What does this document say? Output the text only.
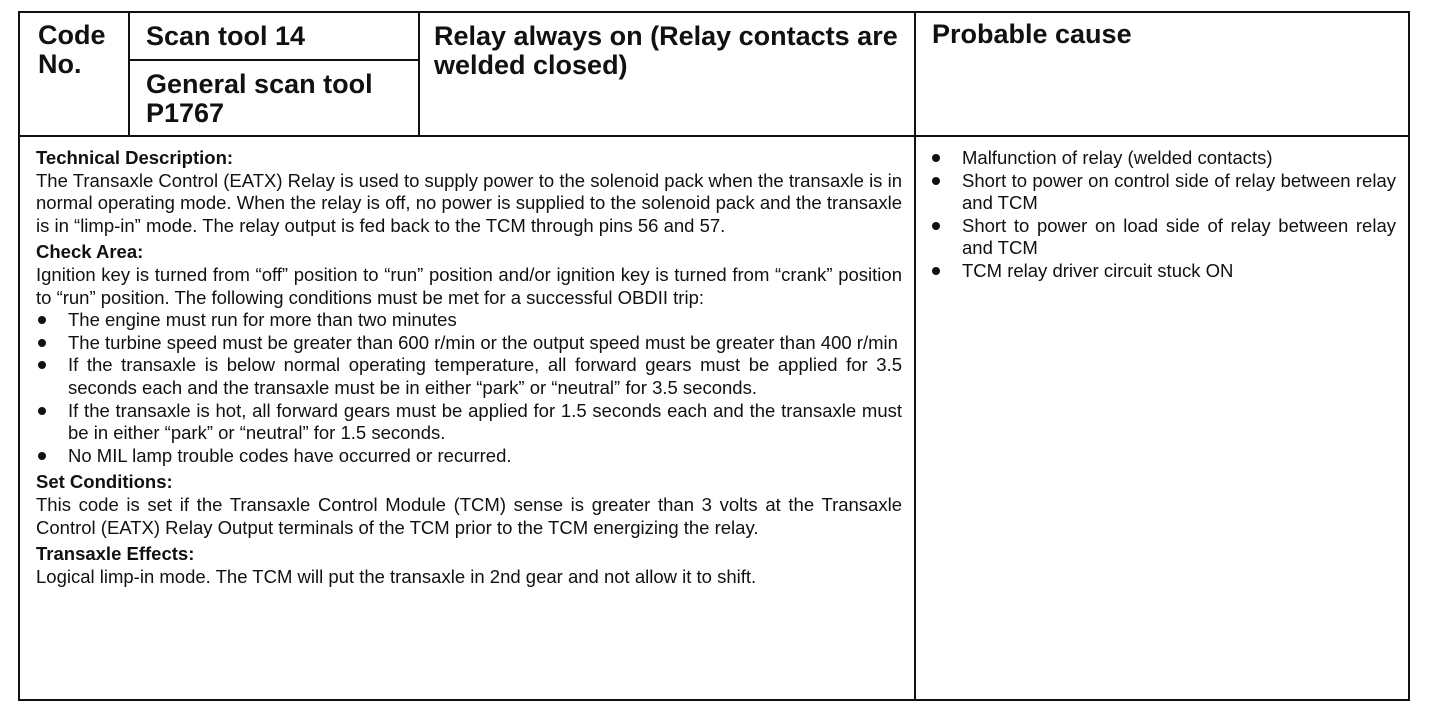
Code
No.
Scan tool 14
General scan tool
P1767
Relay always on (Relay contacts are welded closed)
Probable cause
Technical Description:

The Transaxle Control (EATX) Relay is used to supply power to the solenoid pack when the transaxle is in normal operating mode. When the relay is off, no power is supplied to the solenoid pack and the transaxle is in “limp-in” mode. The relay output is fed back to the TCM through pins 56 and 57.

Check Area:

Ignition key is turned from “off” position to “run” position and/or ignition key is turned from “crank” position to “run” position. The following conditions must be met for a successful OBDII trip:

The engine must run for more than two minutes
The turbine speed must be greater than 600 r/min or the output speed must be greater than 400 r/min
If the transaxle is below normal operating temperature, all forward gears must be applied for 3.5 seconds each and the transaxle must be in either “park” or “neutral” for 3.5 seconds.
If the transaxle is hot, all forward gears must be applied for 1.5 seconds each and the transaxle must be in either “park” or “neutral” for 1.5 seconds.
No MIL lamp trouble codes have occurred or recurred.
Set Conditions:

This code is set if the Transaxle Control Module (TCM) sense is greater than 3 volts at the Transaxle Control (EATX) Relay Output terminals of the TCM prior to the TCM energizing the relay.

Transaxle Effects:

Logical limp-in mode. The TCM will put the transaxle in 2nd gear and not allow it to shift.

Malfunction of relay (welded contacts)
Short to power on control side of relay between relay and TCM
Short to power on load side of relay between relay and TCM
TCM relay driver circuit stuck ON
